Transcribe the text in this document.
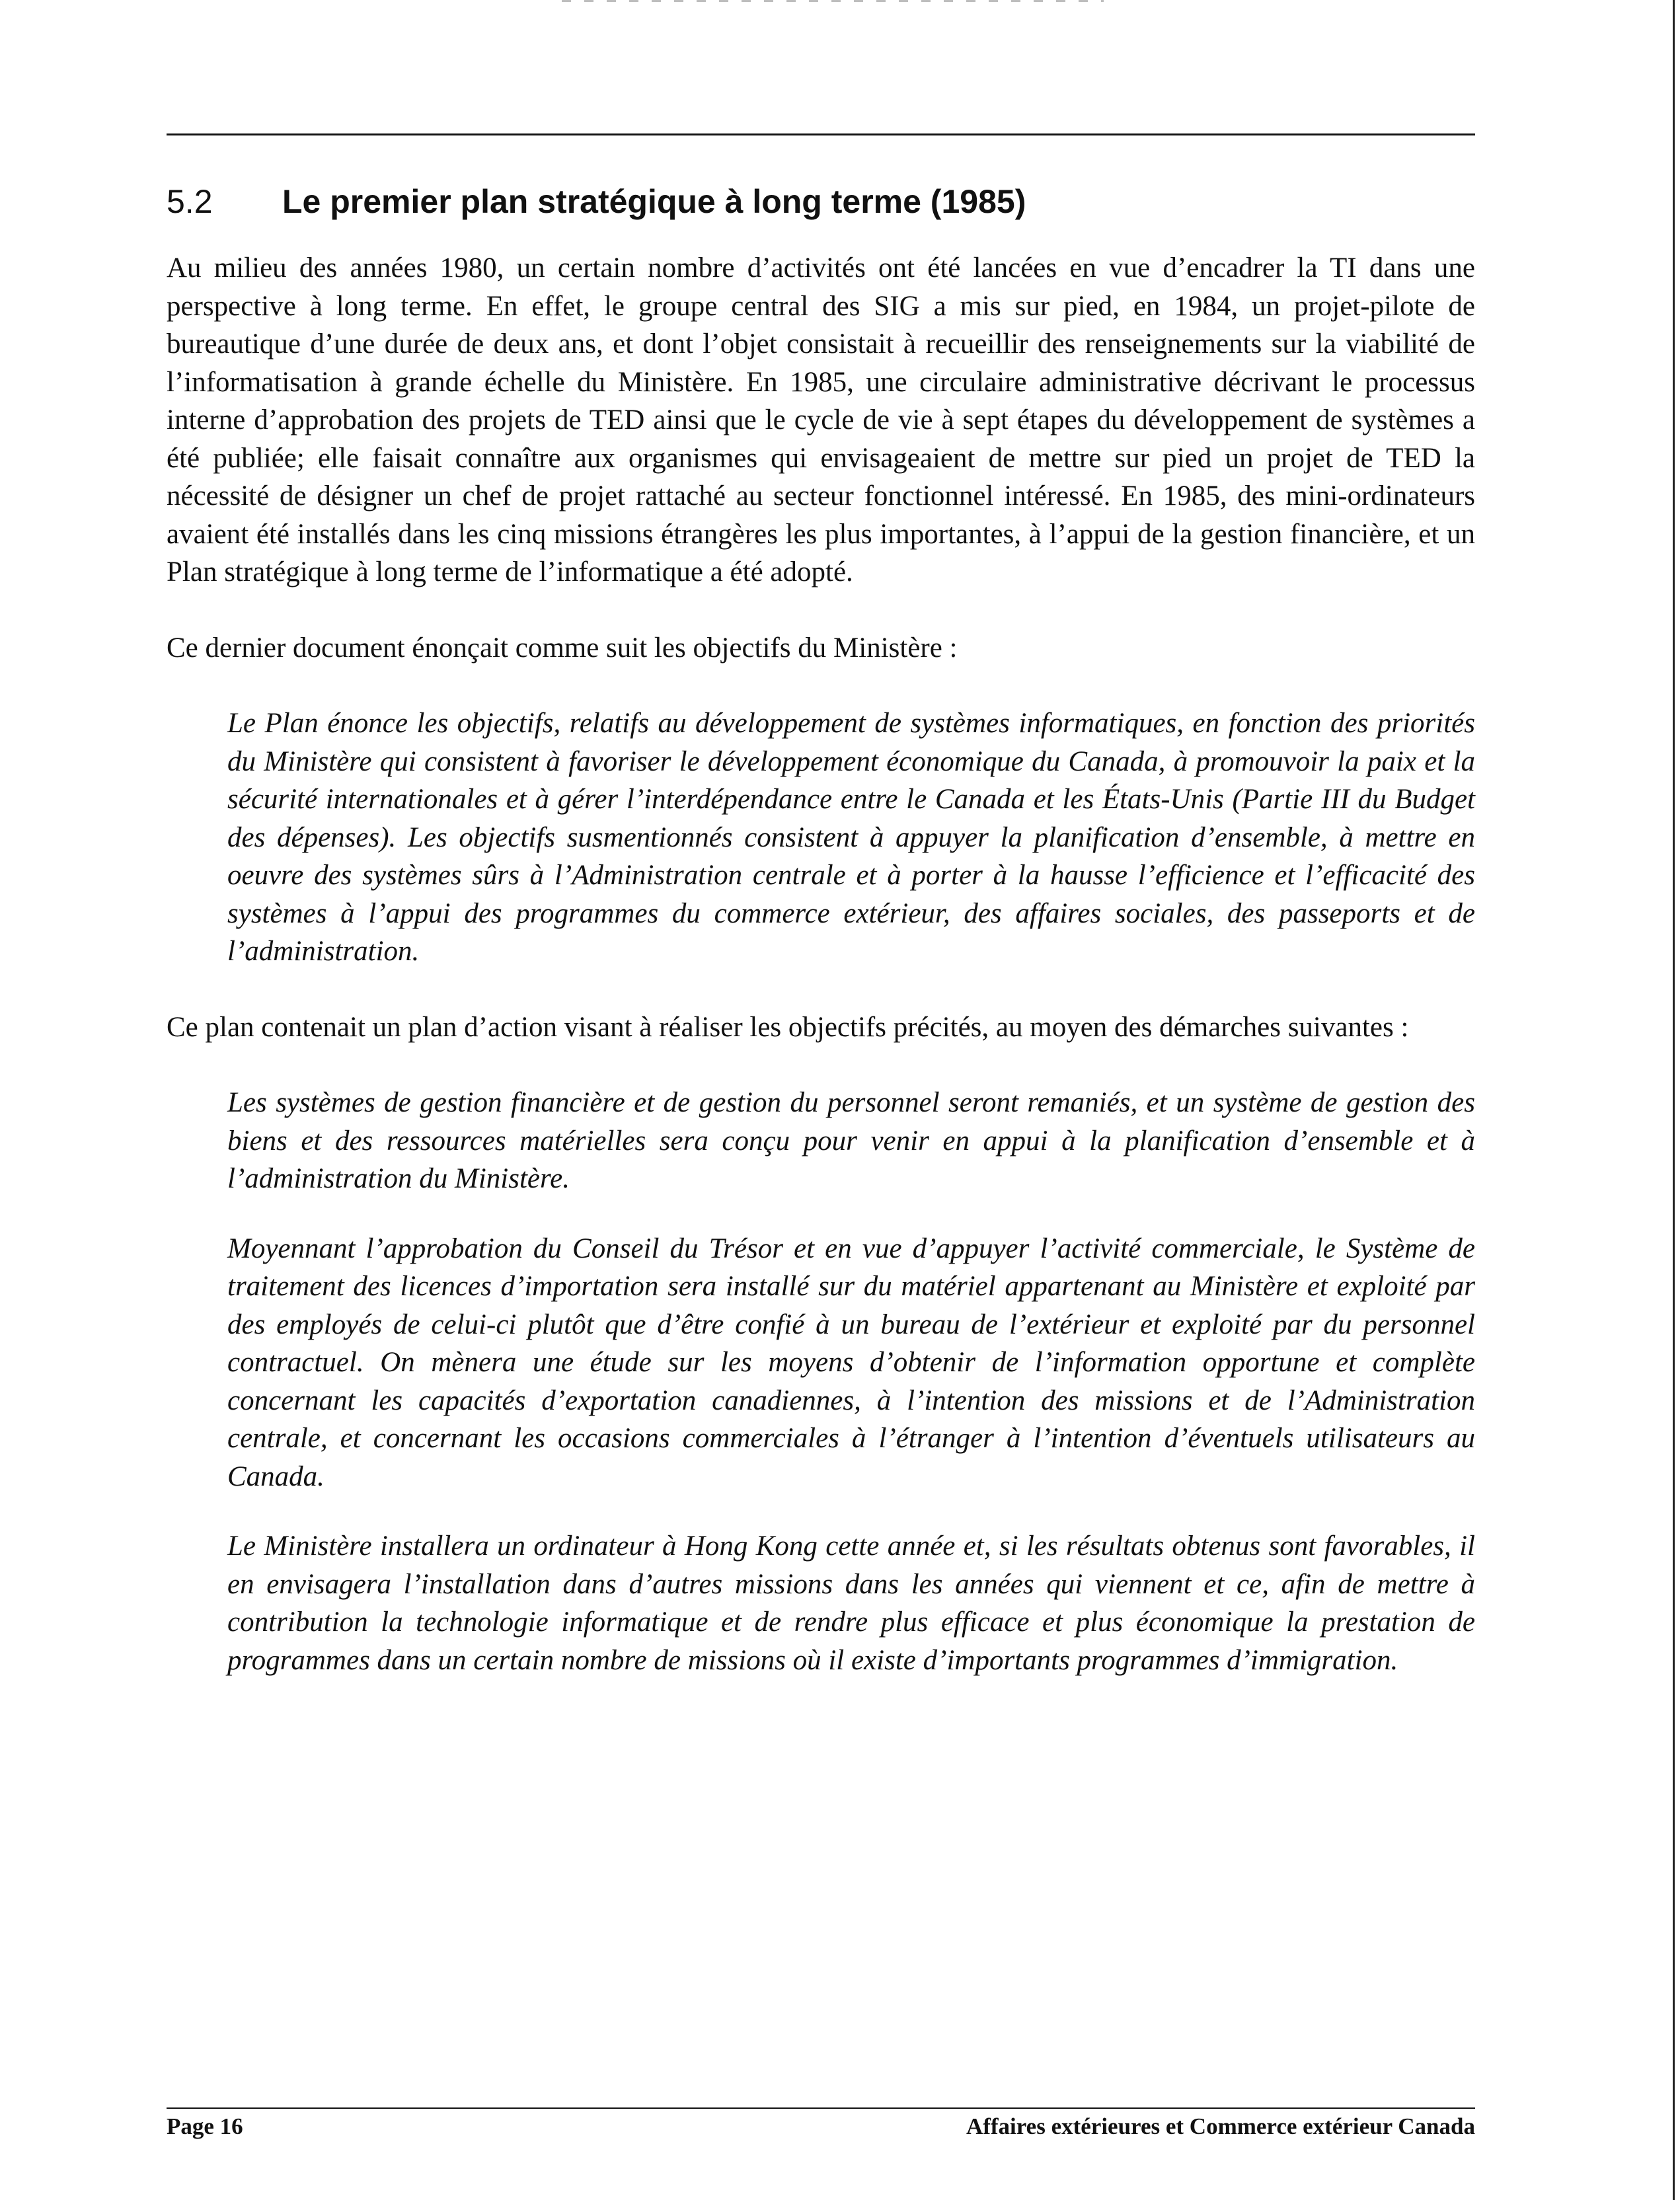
5.2	Le premier plan stratégique à long terme (1985)

Au milieu des années 1980, un certain nombre d’activités ont été lancées en vue d’encadrer la TI dans une perspective à long terme. En effet, le groupe central des SIG a mis sur pied, en 1984, un projet-pilote de bureautique d’une durée de deux ans, et dont l’objet consistait à recueillir des renseignements sur la viabilité de l’informatisation à grande échelle du Ministère. En 1985, une circulaire administrative décrivant le processus interne d’approbation des projets de TED ainsi que le cycle de vie à sept étapes du développement de systèmes a été publiée; elle faisait connaître aux organismes qui envisageaient de mettre sur pied un projet de TED la nécessité de désigner un chef de projet rattaché au secteur fonctionnel intéressé. En 1985, des mini-ordinateurs avaient été installés dans les cinq missions étrangères les plus importantes, à l’appui de la gestion financière, et un Plan stratégique à long terme de l’informatique a été adopté.

Ce dernier document énonçait comme suit les objectifs du Ministère :

Le Plan énonce les objectifs, relatifs au développement de systèmes informatiques, en fonction des priorités du Ministère qui consistent à favoriser le développement économique du Canada, à promouvoir la paix et la sécurité internationales et à gérer l’interdépendance entre le Canada et les États-Unis (Partie III du Budget des dépenses). Les objectifs susmentionnés consistent à appuyer la planification d’ensemble, à mettre en oeuvre des systèmes sûrs à l’Administration centrale et à porter à la hausse l’efficience et l’efficacité des systèmes à l’appui des programmes du commerce extérieur, des affaires sociales, des passeports et de l’administration.

Ce plan contenait un plan d’action visant à réaliser les objectifs précités, au moyen des démarches suivantes :

Les systèmes de gestion financière et de gestion du personnel seront remaniés, et un système de gestion des biens et des ressources matérielles sera conçu pour venir en appui à la planification d’ensemble et à l’administration du Ministère.

Moyennant l’approbation du Conseil du Trésor et en vue d’appuyer l’activité commerciale, le Système de traitement des licences d’importation sera installé sur du matériel appartenant au Ministère et exploité par des employés de celui-ci plutôt que d’être confié à un bureau de l’extérieur et exploité par du personnel contractuel. On mènera une étude sur les moyens d’obtenir de l’information opportune et complète concernant les capacités d’exportation canadiennes, à l’intention des missions et de l’Administration centrale, et concernant les occasions commerciales à l’étranger à l’intention d’éventuels utilisateurs au Canada.

Le Ministère installera un ordinateur à Hong Kong cette année et, si les résultats obtenus sont favorables, il en envisagera l’installation dans d’autres missions dans les années qui viennent et ce, afin de mettre à contribution la technologie informatique et de rendre plus efficace et plus économique la prestation de programmes dans un certain nombre de missions où il existe d’importants programmes d’immigration.

Page 16	Affaires extérieures et Commerce extérieur Canada
